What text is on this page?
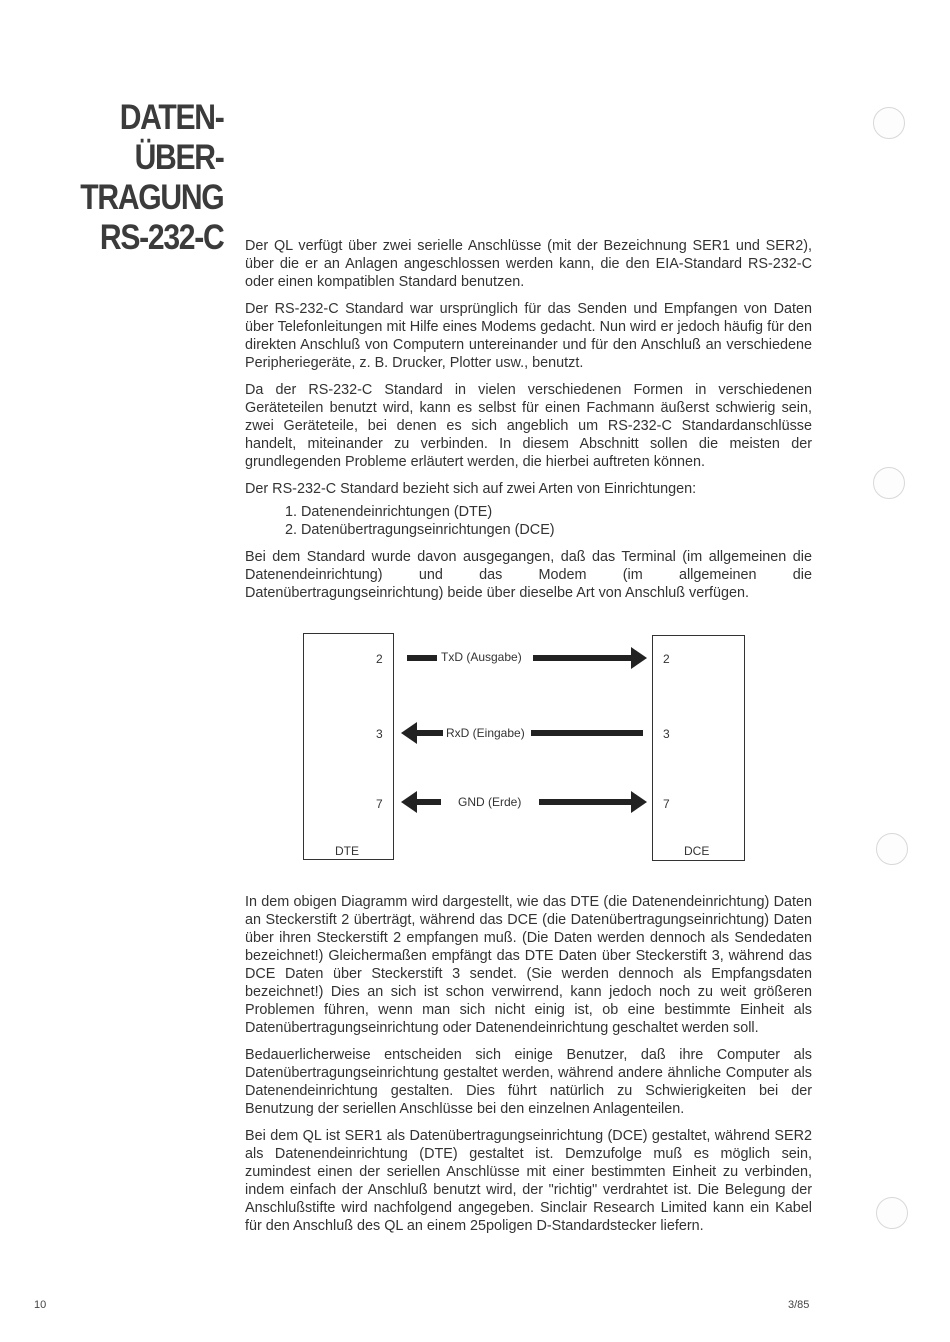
DATEN-
ÜBER-
TRAGUNG
RS-232-C Der QL verfügt über zwei serielle Anschlüsse (mit der Bezeichnung SER1 und SER2), über die er an Anlagen angeschlossen werden kann, die den EIA-Standard RS-232-C oder einen kompatiblen Standard benutzen.

Der RS-232-C Standard war ursprünglich für das Senden und Empfangen von Daten über Telefonleitungen mit Hilfe eines Modems gedacht. Nun wird er jedoch häufig für den direkten Anschluß von Computern untereinander und für den Anschluß an verschiedene Peripheriegeräte, z. B. Drucker, Plotter usw., benutzt.

Da der RS-232-C Standard in vielen verschiedenen Formen in verschiedenen Geräteteilen benutzt wird, kann es selbst für einen Fachmann äußerst schwierig sein, zwei Geräteteile, bei denen es sich angeblich um RS-232-C Standardanschlüsse handelt, miteinander zu verbinden. In diesem Abschnitt sollen die meisten der grundlegenden Probleme erläutert werden, die hierbei auftreten können.

Der RS-232-C Standard bezieht sich auf zwei Arten von Einrichtungen:

1. Datenendeinrichtungen (DTE)
2. Datenübertragungseinrichtungen (DCE)

Bei dem Standard wurde davon ausgegangen, daß das Terminal (im allgemeinen die Datenendeinrichtung) und das Modem (im allgemeinen die Datenübertragungseinrichtung) beide über dieselbe Art von Anschluß verfügen.

2
3
7
2
3
7
DTE	DCE
TxD (Ausgabe)
RxD (Eingabe)
GND (Erde)

In dem obigen Diagramm wird dargestellt, wie das DTE (die Datenendeinrichtung) Daten an Steckerstift 2 überträgt, während das DCE (die Datenübertragungseinrichtung) Daten über ihren Steckerstift 2 empfangen muß. (Die Daten werden dennoch als Sendedaten bezeichnet!) Gleichermaßen empfängt das DTE Daten über Steckerstift 3, während das DCE Daten über Steckerstift 3 sendet. (Sie werden dennoch als Empfangsdaten bezeichnet!) Dies an sich ist schon verwirrend, kann jedoch noch zu weit größeren Problemen führen, wenn man sich nicht einig ist, ob eine bestimmte Einheit als Datenübertragungseinrichtung oder Datenendeinrichtung geschaltet werden soll.

Bedauerlicherweise entscheiden sich einige Benutzer, daß ihre Computer als Datenübertragungseinrichtung gestaltet werden, während andere ähnliche Computer als Datenendeinrichtung gestalten. Dies führt natürlich zu Schwierigkeiten bei der Benutzung der seriellen Anschlüsse bei den einzelnen Anlagenteilen.

Bei dem QL ist SER1 als Datenübertragungseinrichtung (DCE) gestaltet, während SER2 als Datenendeinrichtung (DTE) gestaltet ist. Demzufolge muß es möglich sein, zumindest einen der seriellen Anschlüsse mit einer bestimmten Einheit zu verbinden, indem einfach der Anschluß benutzt wird, der "richtig" verdrahtet ist. Die Belegung der Anschlußstifte wird nachfolgend angegeben. Sinclair Research Limited kann ein Kabel für den Anschluß des QL an einem 25poligen D-Standardstecker liefern.

10	3/85
